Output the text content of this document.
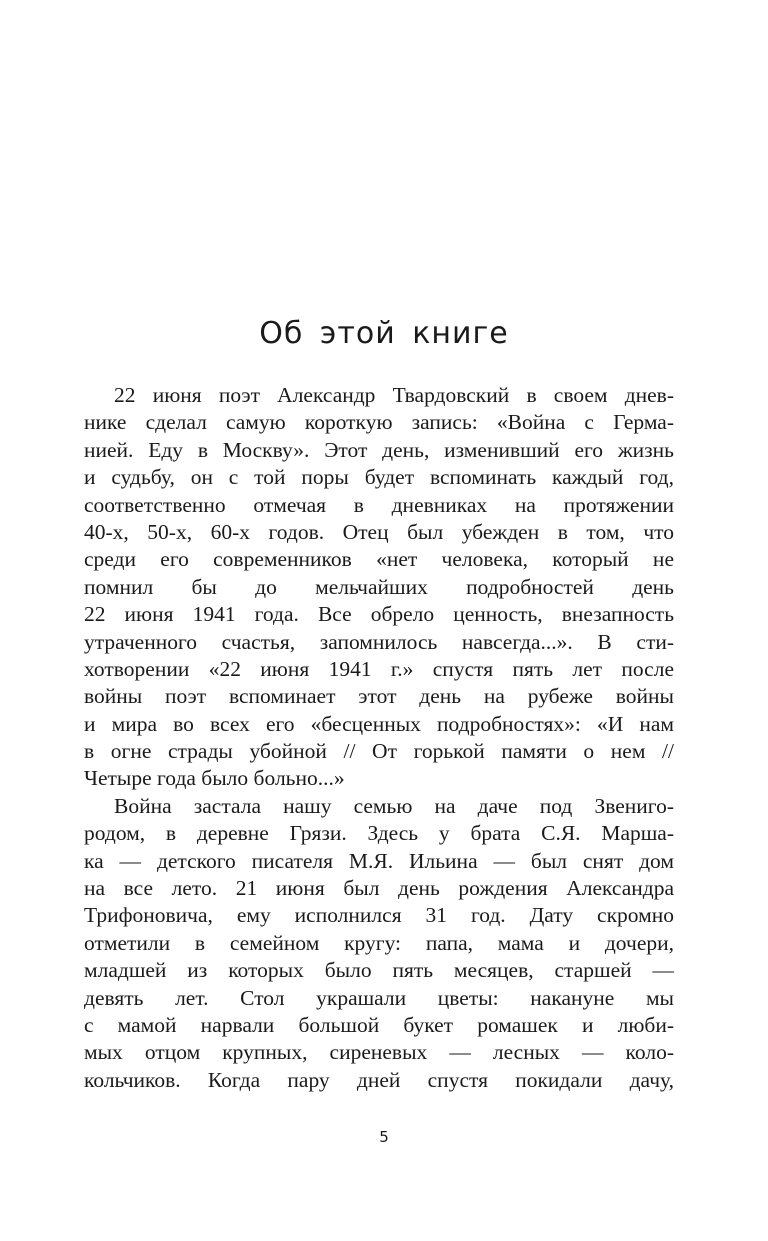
Об этой книге
22 июня поэт Александр Твардовский в своем днев-
нике сделал самую короткую запись: «Война с Герма-
нией. Еду в Москву». Этот день, изменивший его жизнь
и судьбу, он с той поры будет вспоминать каждый год,
соответственно отмечая в дневниках на протяжении
40-х, 50-х, 60-х годов. Отец был убежден в том, что
среди его современников «нет человека, который не
помнил бы до мельчайших подробностей день
22 июня 1941 года. Все обрело ценность, внезапность
утраченного счастья, запомнилось навсегда...». В сти-
хотворении «22 июня 1941 г.» спустя пять лет после
войны поэт вспоминает этот день на рубеже войны
и мира во всех его «бесценных подробностях»: «И нам
в огне страды убойной // От горькой памяти о нем //
Четыре года было больно...»
Война застала нашу семью на даче под Звениго-
родом, в деревне Грязи. Здесь у брата С.Я. Марша-
ка — детского писателя М.Я. Ильина — был снят дом
на все лето. 21 июня был день рождения Александра
Трифоновича, ему исполнился 31 год. Дату скромно
отметили в семейном кругу: папа, мама и дочери,
младшей из которых было пять месяцев, старшей —
девять лет. Стол украшали цветы: накануне мы
с мамой нарвали большой букет ромашек и люби-
мых отцом крупных, сиреневых — лесных — коло-
кольчиков. Когда пару дней спустя покидали дачу,
5
